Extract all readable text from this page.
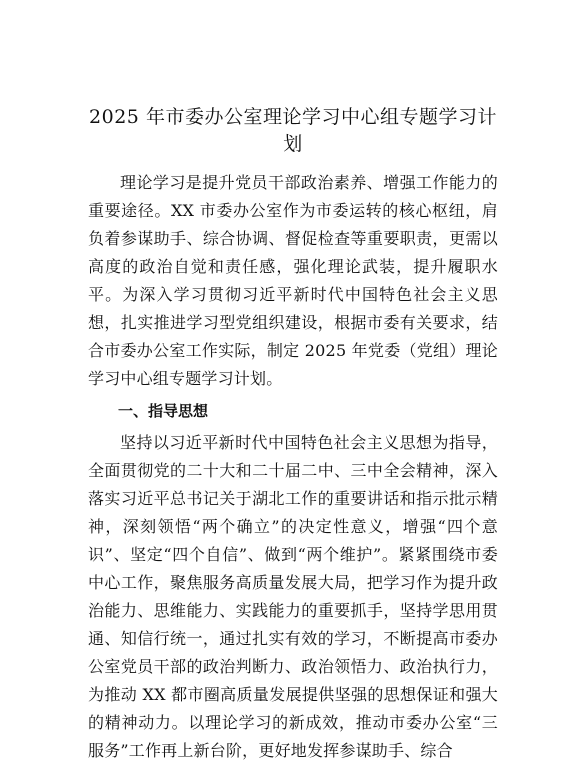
2025 年市委办公室理论学习中心组专题学习计划

理论学习是提升党员干部政治素养、增强工作能力的重要途径。XX 市委办公室作为市委运转的核心枢纽，肩负着参谋助手、综合协调、督促检查等重要职责，更需以高度的政治自觉和责任感，强化理论武装，提升履职水平。为深入学习贯彻习近平新时代中国特色社会主义思想，扎实推进学习型党组织建设，根据市委有关要求，结合市委办公室工作实际，制定 2025 年党委（党组）理论学习中心组专题学习计划。

一、指导思想

坚持以习近平新时代中国特色社会主义思想为指导，全面贯彻党的二十大和二十届二中、三中全会精神，深入落实习近平总书记关于湖北工作的重要讲话和指示批示精神，深刻领悟“两个确立”的决定性意义，增强“四个意识”、坚定“四个自信”、做到“两个维护”。紧紧围绕市委中心工作，聚焦服务高质量发展大局，把学习作为提升政治能力、思维能力、实践能力的重要抓手，坚持学思用贯通、知信行统一，通过扎实有效的学习，不断提高市委办公室党员干部的政治判断力、政治领悟力、政治执行力，为推动 XX 都市圈高质量发展提供坚强的思想保证和强大的精神动力。以理论学习的新成效，推动市委办公室“三服务”工作再上新台阶，更好地发挥参谋助手、综合
